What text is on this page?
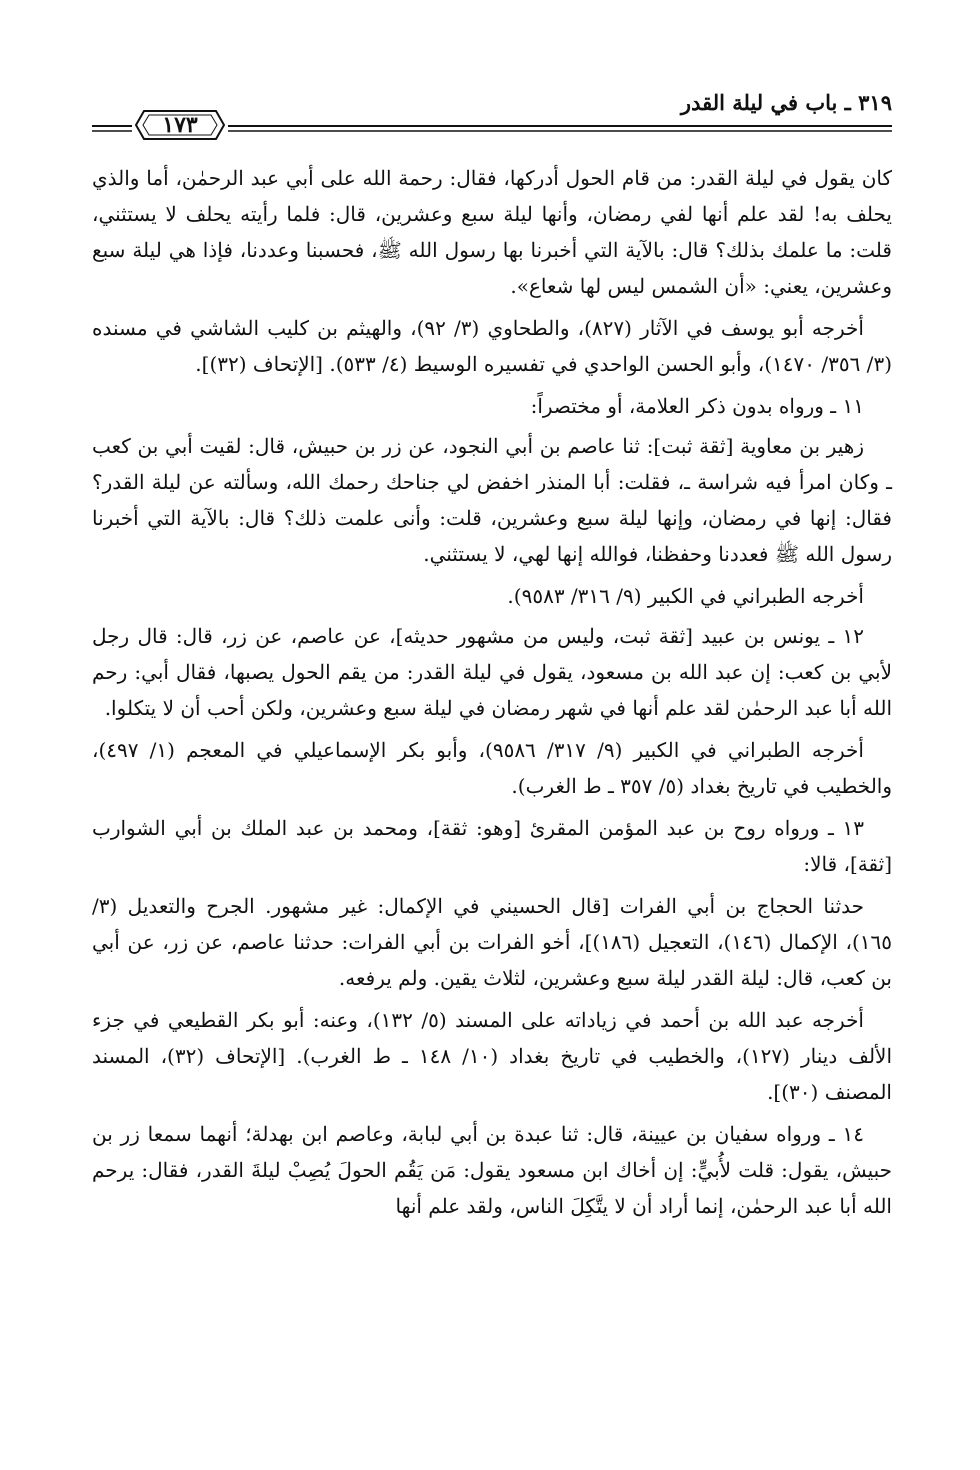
٣١٩ ـ باب في ليلة القدر
١٧٣

كان يقول في ليلة القدر: من قام الحول أدركها، فقال: رحمة الله على أبي عبد الرحمٰن، أما والذي يحلف به! لقد علم أنها لفي رمضان، وأنها ليلة سبع وعشرين، قال: فلما رأيته يحلف لا يستثني، قلت: ما علمك بذلك؟ قال: بالآية التي أخبرنا بها رسول الله ﷺ، فحسبنا وعددنا، فإذا هي ليلة سبع وعشرين، يعني: «أن الشمس ليس لها شعاع».

أخرجه أبو يوسف في الآثار (٨٢٧)، والطحاوي (٣/ ٩٢)، والهيثم بن كليب الشاشي في مسنده (٣/ ٣٥٦/ ١٤٧٠)، وأبو الحسن الواحدي في تفسيره الوسيط (٤/ ٥٣٣). [الإتحاف (٣٢)].

١١ ـ ورواه بدون ذكر العلامة، أو مختصراً:

زهير بن معاوية [ثقة ثبت]: ثنا عاصم بن أبي النجود، عن زر بن حبيش، قال: لقيت أبي بن كعب ـ وكان امرأ فيه شراسة ـ، فقلت: أبا المنذر اخفض لي جناحك رحمك الله، وسألته عن ليلة القدر؟ فقال: إنها في رمضان، وإنها ليلة سبع وعشرين، قلت: وأنى علمت ذلك؟ قال: بالآية التي أخبرنا رسول الله ﷺ فعددنا وحفظنا، فوالله إنها لهي، لا يستثني.

أخرجه الطبراني في الكبير (٩/ ٣١٦/ ٩٥٨٣).

١٢ ـ يونس بن عبيد [ثقة ثبت، وليس من مشهور حديثه]، عن عاصم، عن زر، قال: قال رجل لأبي بن كعب: إن عبد الله بن مسعود، يقول في ليلة القدر: من يقم الحول يصبها، فقال أبي: رحم الله أبا عبد الرحمٰن لقد علم أنها في شهر رمضان في ليلة سبع وعشرين، ولكن أحب أن لا يتكلوا.

أخرجه الطبراني في الكبير (٩/ ٣١٧/ ٩٥٨٦)، وأبو بكر الإسماعيلي في المعجم (١/ ٤٩٧)، والخطيب في تاريخ بغداد (٥/ ٣٥٧ ـ ط الغرب).

١٣ ـ ورواه روح بن عبد المؤمن المقرئ [وهو: ثقة]، ومحمد بن عبد الملك بن أبي الشوارب [ثقة]، قالا:

حدثنا الحجاج بن أبي الفرات [قال الحسيني في الإكمال: غير مشهور. الجرح والتعديل (٣/ ١٦٥)، الإكمال (١٤٦)، التعجيل (١٨٦)]، أخو الفرات بن أبي الفرات: حدثنا عاصم، عن زر، عن أبي بن كعب، قال: ليلة القدر ليلة سبع وعشرين، لثلاث يقين. ولم يرفعه.

أخرجه عبد الله بن أحمد في زياداته على المسند (٥/ ١٣٢)، وعنه: أبو بكر القطيعي في جزء الألف دينار (١٢٧)، والخطيب في تاريخ بغداد (١٠/ ١٤٨ ـ ط الغرب). [الإتحاف (٣٢)، المسند المصنف (٣٠)].

١٤ ـ ورواه سفيان بن عيينة، قال: ثنا عبدة بن أبي لبابة، وعاصم ابن بهدلة؛ أنهما سمعا زر بن حبيش، يقول: قلت لأُبيٍّ: إن أخاك ابن مسعود يقول: مَن يَقُم الحولَ يُصِبْ ليلةَ القدر، فقال: يرحم الله أبا عبد الرحمٰن، إنما أراد أن لا يتَّكِلَ الناس، ولقد علم أنها
